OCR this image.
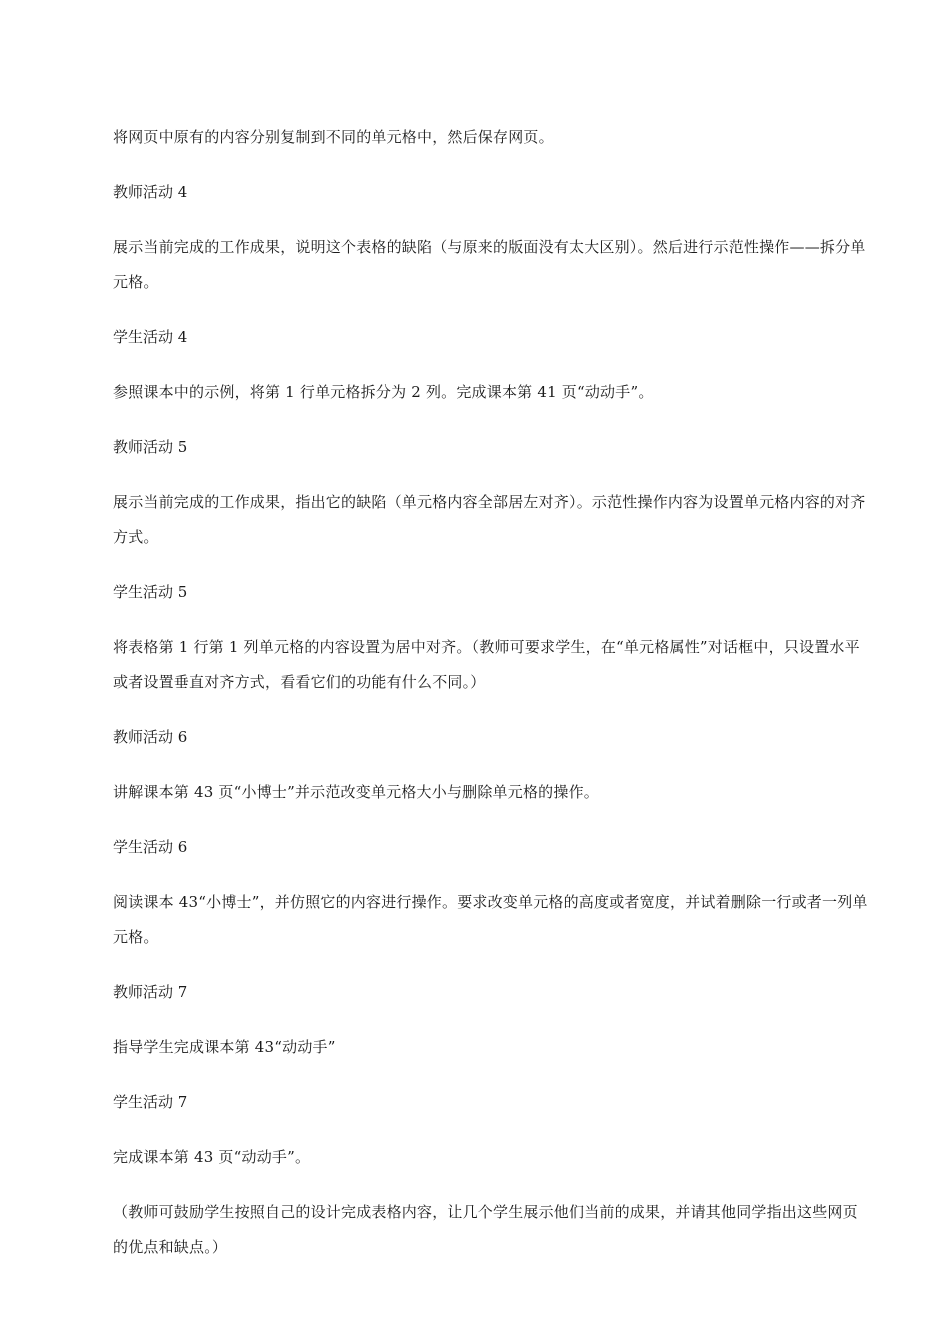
将网页中原有的内容分别复制到不同的单元格中，然后保存网页。

教师活动 4

展示当前完成的工作成果，说明这个表格的缺陷（与原来的版面没有太大区别）。然后进行示范性操作——拆分单元格。

学生活动 4

参照课本中的示例，将第 1 行单元格拆分为 2 列。完成课本第 41 页“动动手”。

教师活动 5

展示当前完成的工作成果，指出它的缺陷（单元格内容全部居左对齐）。示范性操作内容为设置单元格内容的对齐方式。

学生活动 5

将表格第 1 行第 1 列单元格的内容设置为居中对齐。（教师可要求学生，在“单元格属性”对话框中，只设置水平或者设置垂直对齐方式，看看它们的功能有什么不同。）

教师活动 6

讲解课本第 43 页“小博士”并示范改变单元格大小与删除单元格的操作。

学生活动 6

阅读课本 43“小博士”，并仿照它的内容进行操作。要求改变单元格的高度或者宽度，并试着删除一行或者一列单元格。

教师活动 7

指导学生完成课本第 43“动动手”

学生活动 7

完成课本第 43 页“动动手”。

（教师可鼓励学生按照自己的设计完成表格内容，让几个学生展示他们当前的成果，并请其他同学指出这些网页的优点和缺点。）
